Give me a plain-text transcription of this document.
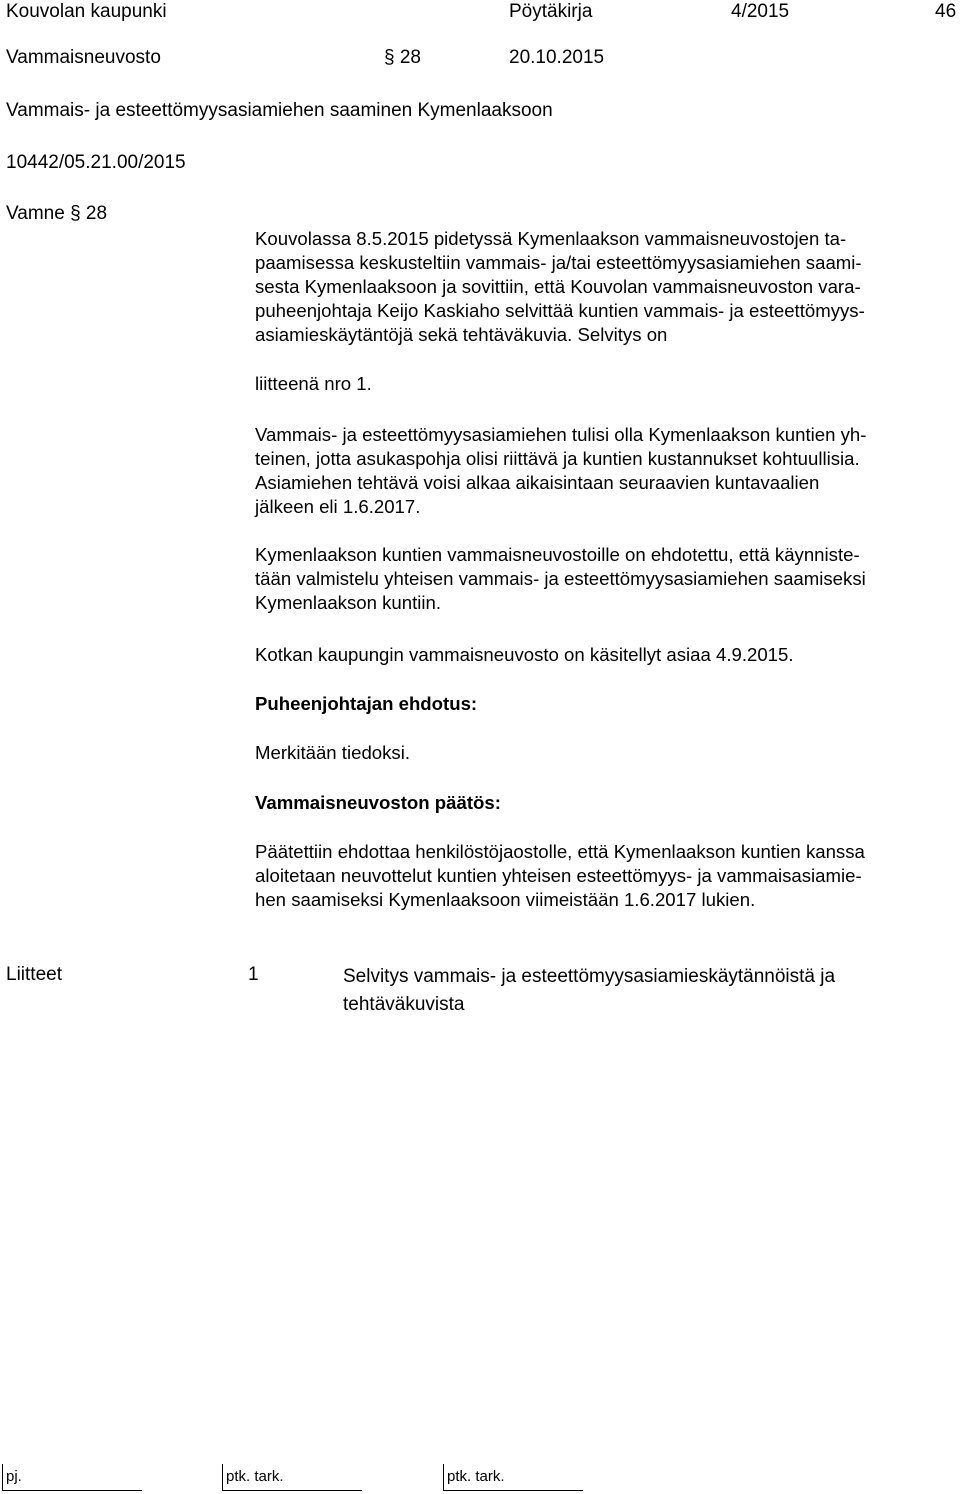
Kouvolan kaupunki	Pöytäkirja	4/2015	46
Vammaisneuvosto	§ 28	20.10.2015
Vammais- ja esteettömyysasiamiehen saaminen Kymenlaaksoon
10442/05.21.00/2015
Vamne § 28
Kouvolassa 8.5.2015 pidetyssä Kymenlaakson vammaisneuvostojen ta-
paamisessa keskusteltiin vammais- ja/tai esteettömyysasiamiehen saami-
sesta Kymenlaaksoon ja sovittiin, että Kouvolan vammaisneuvoston vara-
puheenjohtaja Keijo Kaskiaho selvittää kuntien vammais- ja esteettömyys-
asiamieskäytäntöjä sekä tehtäväkuvia. Selvitys on
liitteenä nro 1.
Vammais- ja esteettömyysasiamiehen tulisi olla Kymenlaakson kuntien yh-
teinen, jotta asukaspohja olisi riittävä ja kuntien kustannukset kohtuullisia.
Asiamiehen tehtävä voisi alkaa aikaisintaan seuraavien kuntavaalien
jälkeen eli 1.6.2017.
Kymenlaakson kuntien vammaisneuvostoille on ehdotettu, että käynniste-
tään valmistelu yhteisen vammais- ja esteettömyysasiamiehen saamiseksi
Kymenlaakson kuntiin.
Kotkan kaupungin vammaisneuvosto on käsitellyt asiaa 4.9.2015.
Puheenjohtajan ehdotus:
Merkitään tiedoksi.
Vammaisneuvoston päätös:
Päätettiin ehdottaa henkilöstöjaostolle, että Kymenlaakson kuntien kanssa
aloitetaan neuvottelut kuntien yhteisen esteettömyys- ja vammaisasiamie-
hen saamiseksi Kymenlaaksoon viimeistään 1.6.2017 lukien.
Liitteet	1	Selvitys vammais- ja esteettömyysasiamieskäytännöistä ja
tehtäväkuvista
pj.	ptk. tark.	ptk. tark.
